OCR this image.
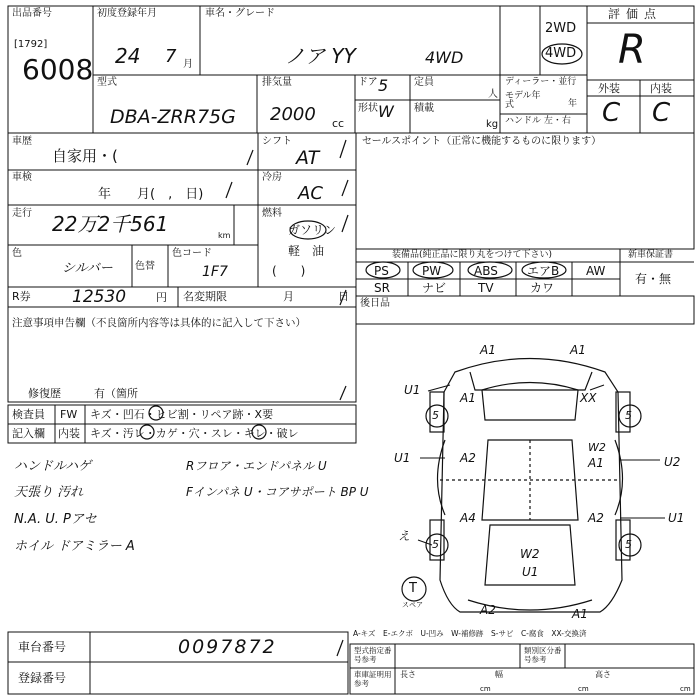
出品番号
[1792]
6008
初度登録年月
24 7 月
車名・グレード
ノア YY	4WD
2WD
4WD
評価点
R
型式
DBA-ZRR75G
排気量
2000 cc
ドア 5
形状 W
定員
人
積載
kg
ディーラー・並行
モデル年式	年
ハンドル 左・右
外装	内装
C C
車歴
自家用・(
シフト
AT
車検
年　　月(　,　日)
冷房
AC
走行 22万2千561	km
燃料
ガソリン
軽　油
(　　)
色
シルバー 色替
色コード
1F7
R券 12530	円 名変期限	月	日
セールスポイント（正常に機能するものに限ります）
装備品(純正品に限り丸をつけて下さい)	新車保証書
有・無
PS	PW	ABS エアB AW
SR	ナビ	TV	カワ
後日品
注意事項申告欄（不良箇所内容等は具体的に記入して下さい）
修復歴	有（箇所
検査員
記入欄
FW キズ・凹石・ヒビ割・リペア跡・X要
内装 キズ・汚レ・カゲ・穴・スレ・キレ・破レ
ハンドルハゲ
天張り 汚れ
N.A. U. Pアセ
ホイル ドアミラー A
Rフロア・エンドパネル U
Fインパネ U・コアサポート BP U
A1	A1
U1
A1	XX
5	5
W2
U1	A2	A1	U2
A4	A2	U1
え
5	5
W2
U1
A2	A1
T
スペア
A-キズ　E-エクボ　U-凹み　W-補修跡　S-サビ　C-腐食　XX-交換済
車台番号	0097872
登録番号
型式指定番号参考
類別区分番号参考
車庫証明用参考
長さ	幅	高さ
cm	cm	cm
